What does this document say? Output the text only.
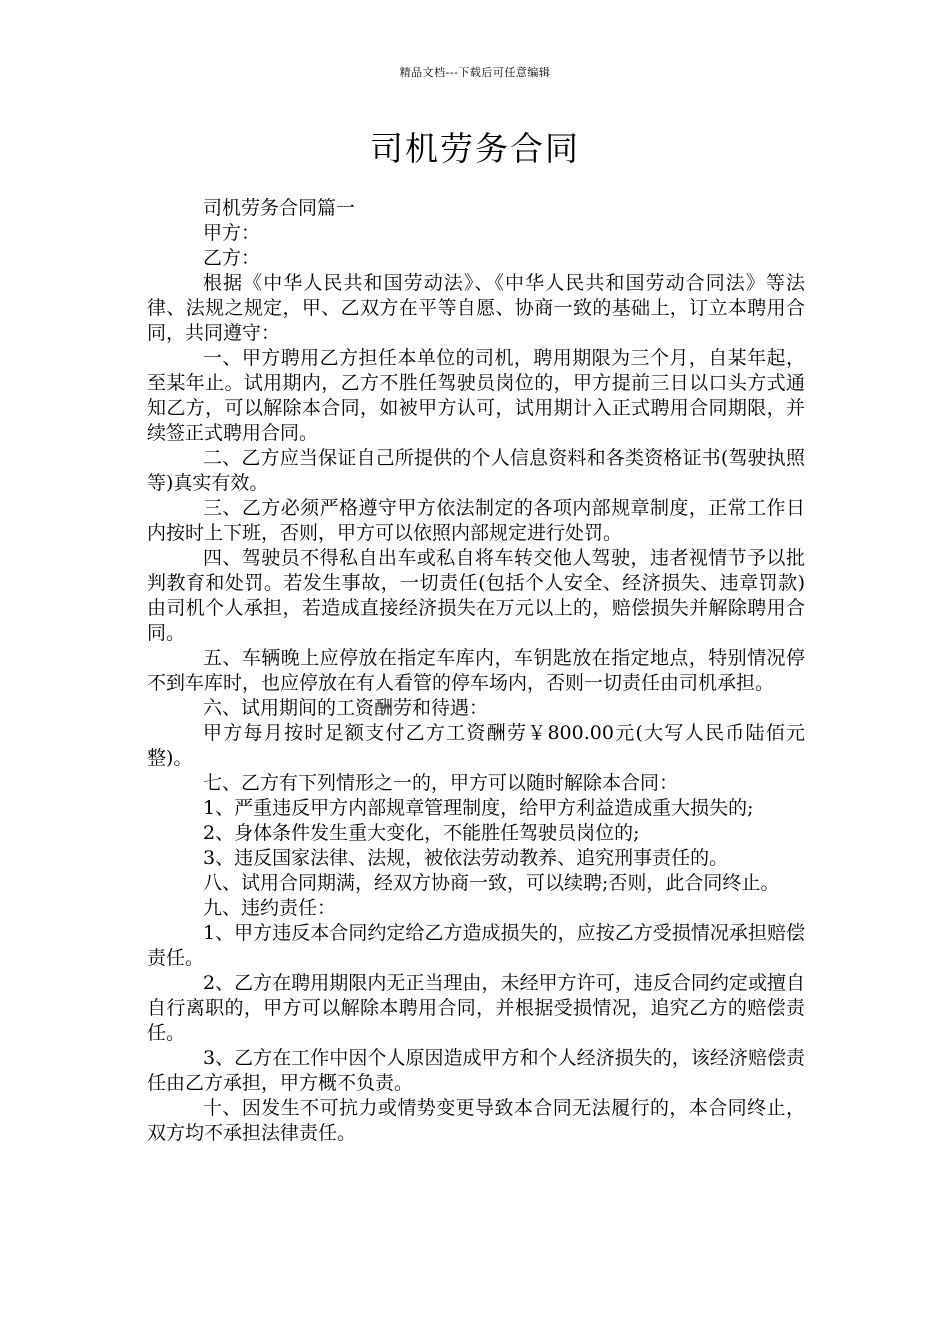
精品文档---下载后可任意编辑
司机劳务合同

司机劳务合同篇一

甲方：

乙方：

根据《中华人民共和国劳动法》、《中华人民共和国劳动合同法》等法律、法规之规定，甲、乙双方在平等自愿、协商一致的基础上，订立本聘用合同，共同遵守：

一、甲方聘用乙方担任本单位的司机，聘用期限为三个月，自某年起，至某年止。试用期内，乙方不胜任驾驶员岗位的，甲方提前三日以口头方式通知乙方，可以解除本合同，如被甲方认可，试用期计入正式聘用合同期限，并续签正式聘用合同。

二、乙方应当保证自己所提供的个人信息资料和各类资格证书(驾驶执照等)真实有效。

三、乙方必须严格遵守甲方依法制定的各项内部规章制度，正常工作日内按时上下班，否则，甲方可以依照内部规定进行处罚。

四、驾驶员不得私自出车或私自将车转交他人驾驶，违者视情节予以批判教育和处罚。若发生事故，一切责任(包括个人安全、经济损失、违章罚款)由司机个人承担，若造成直接经济损失在万元以上的，赔偿损失并解除聘用合同。

五、车辆晚上应停放在指定车库内，车钥匙放在指定地点，特别情况停不到车库时，也应停放在有人看管的停车场内，否则一切责任由司机承担。

六、试用期间的工资酬劳和待遇：

甲方每月按时足额支付乙方工资酬劳￥800.00元(大写人民币陆佰元整)。

七、乙方有下列情形之一的，甲方可以随时解除本合同：

1、严重违反甲方内部规章管理制度，给甲方利益造成重大损失的;

2、身体条件发生重大变化，不能胜任驾驶员岗位的;

3、违反国家法律、法规，被依法劳动教养、追究刑事责任的。

八、试用合同期满，经双方协商一致，可以续聘;否则，此合同终止。

九、违约责任：

1、甲方违反本合同约定给乙方造成损失的，应按乙方受损情况承担赔偿责任。

2、乙方在聘用期限内无正当理由，未经甲方许可，违反合同约定或擅自自行离职的，甲方可以解除本聘用合同，并根据受损情况，追究乙方的赔偿责任。

3、乙方在工作中因个人原因造成甲方和个人经济损失的，该经济赔偿责任由乙方承担，甲方概不负责。

十、因发生不可抗力或情势变更导致本合同无法履行的，本合同终止，双方均不承担法律责任。
